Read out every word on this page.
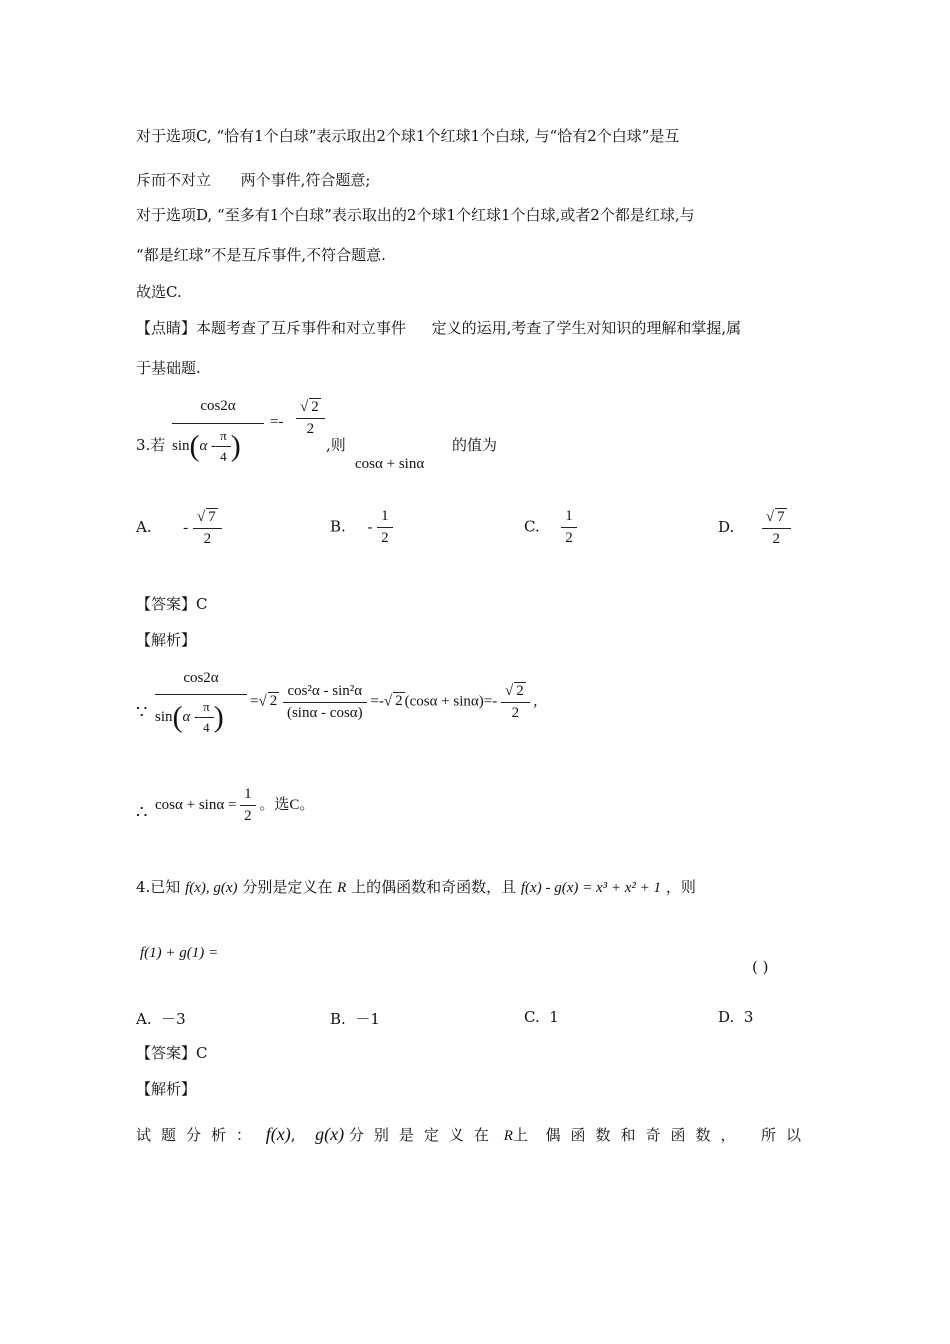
对于选项C, “恰有1个白球”表示取出2个球1个红球1个白球, 与“恰有2个白球”是互
斥而不对立 两个事件,符合题意;
对于选项D, “至多有1个白球”表示取出的2个球1个红球1个白球,或者2个都是红球,与
“都是红球”不是互斥事件,不符合题意.
故选C.
【点睛】本题考查了互斥事件和对立事件 定义的运用,考查了学生对知识的理解和掌握,属
于基础题.
3.若
cos2α
$\sin(\alpha - \frac{\pi}{4}$ )
=- $\frac{√ 2}{2}$
,则
cosα + sinα
的值为
A. - $\frac{√ 7}{2}$	B. - $\frac{1}{2}$	C. $\frac{1}{2}$	D. $\frac{√ 7}{2}$
【答案】C
【解析】
∵
cos2α
$\sin(\alpha - \frac{\pi}{4}$ ) =√ $2 \frac{\text{cos²α - sin²α}}{(\sin\alpha - \cos\alpha)}$ =-√ 2 $(\cos\alpha + \sin\alpha)=- \frac{√ 2}{2}$ ,
∴ $\cos\alpha + \sin\alpha = \frac{1}{2}$ 。选C。
4.已知 f(x), g(x) 分别是定义在 R 上的偶函数和奇函数，且 f(x) - g(x) = x³ + x² + 1 ，则
f(1) + g(1) =
( )
A. －3	B. －1	C. 1	D. 3
【答案】C
【解析】
试题分析： f(x), g(x) 分别是定义在 R上 偶函数和奇函数， 所以
